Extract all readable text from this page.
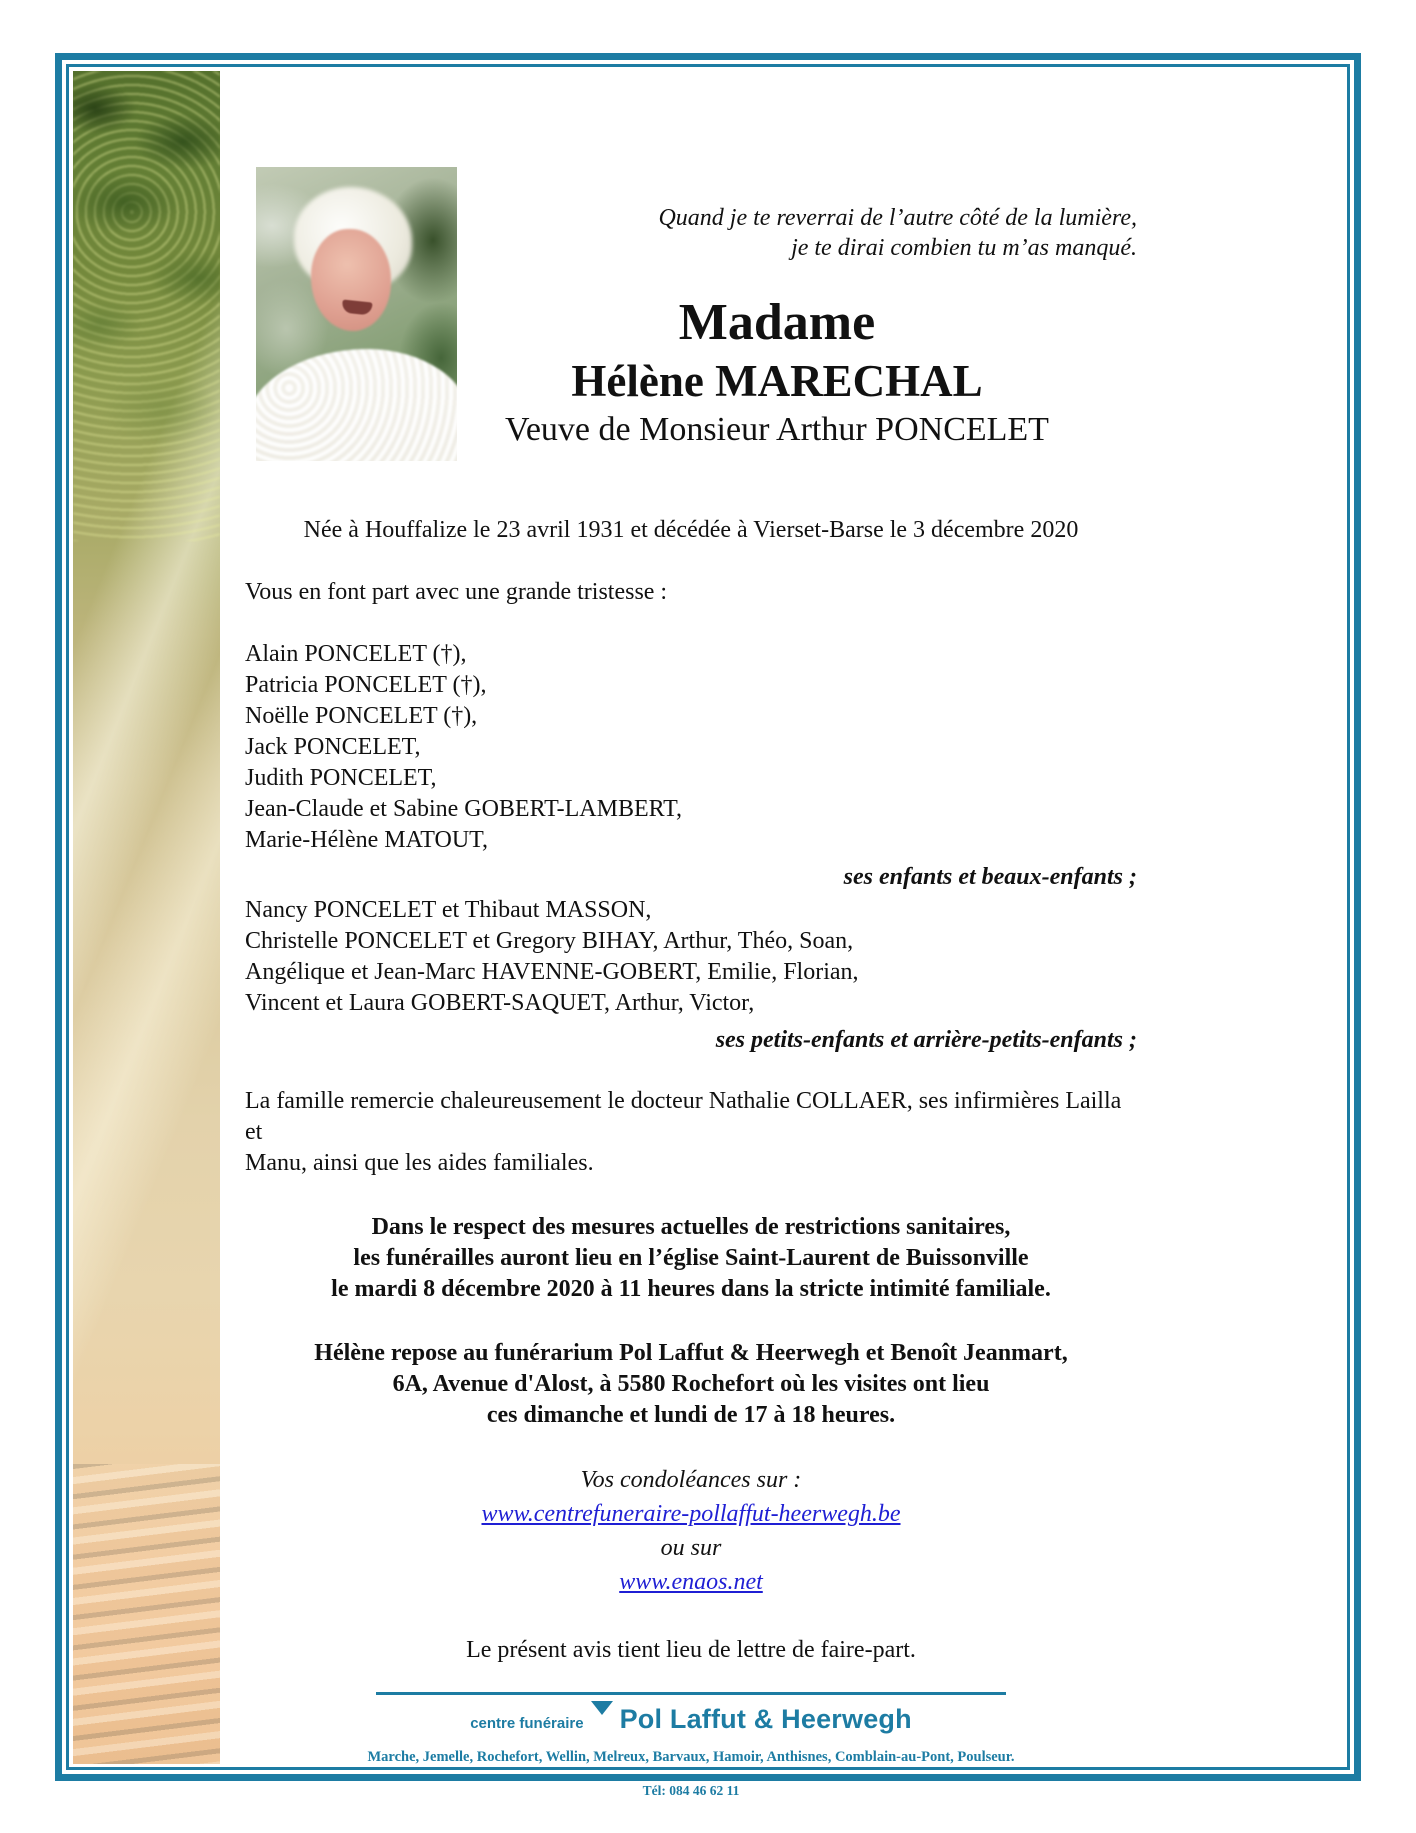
Quand je te reverrai de l’autre côté de la lumière,
je te dirai combien tu m’as manqué.
Madame
Hélène MARECHAL
Veuve de Monsieur Arthur PONCELET
Née à Houffalize le 23 avril 1931 et décédée à Vierset-Barse le 3 décembre 2020
Vous en font part avec une grande tristesse :
Alain PONCELET (†),
Patricia PONCELET (†),
Noëlle PONCELET (†),
Jack PONCELET,
Judith PONCELET,
Jean-Claude et Sabine GOBERT-LAMBERT,
Marie-Hélène MATOUT,
ses enfants et beaux-enfants ;
Nancy PONCELET et Thibaut MASSON,
Christelle PONCELET et Gregory BIHAY, Arthur, Théo, Soan,
Angélique et Jean-Marc HAVENNE-GOBERT, Emilie, Florian,
Vincent et Laura GOBERT-SAQUET, Arthur, Victor,
ses petits-enfants et arrière-petits-enfants ;
La famille remercie chaleureusement le docteur Nathalie COLLAER, ses infirmières Lailla et
Manu, ainsi que les aides familiales.
Dans le respect des mesures actuelles de restrictions sanitaires,
les funérailles auront lieu en l’église Saint-Laurent de Buissonville
le mardi 8 décembre 2020 à 11 heures dans la stricte intimité familiale.
Hélène repose au funérarium Pol Laffut & Heerwegh et Benoît Jeanmart,
6A, Avenue d'Alost, à 5580 Rochefort où les visites ont lieu
ces dimanche et lundi de 17 à 18 heures.
Vos condoléances sur :
www.centrefuneraire-pollaffut-heerwegh.be
ou sur
www.enaos.net
Le présent avis tient lieu de lettre de faire-part.
centre funéraire Pol Laffut & Heerwegh
Marche, Jemelle, Rochefort, Wellin, Melreux, Barvaux, Hamoir, Anthisnes, Comblain-au-Pont, Poulseur.
Tél: 084 46 62 11
